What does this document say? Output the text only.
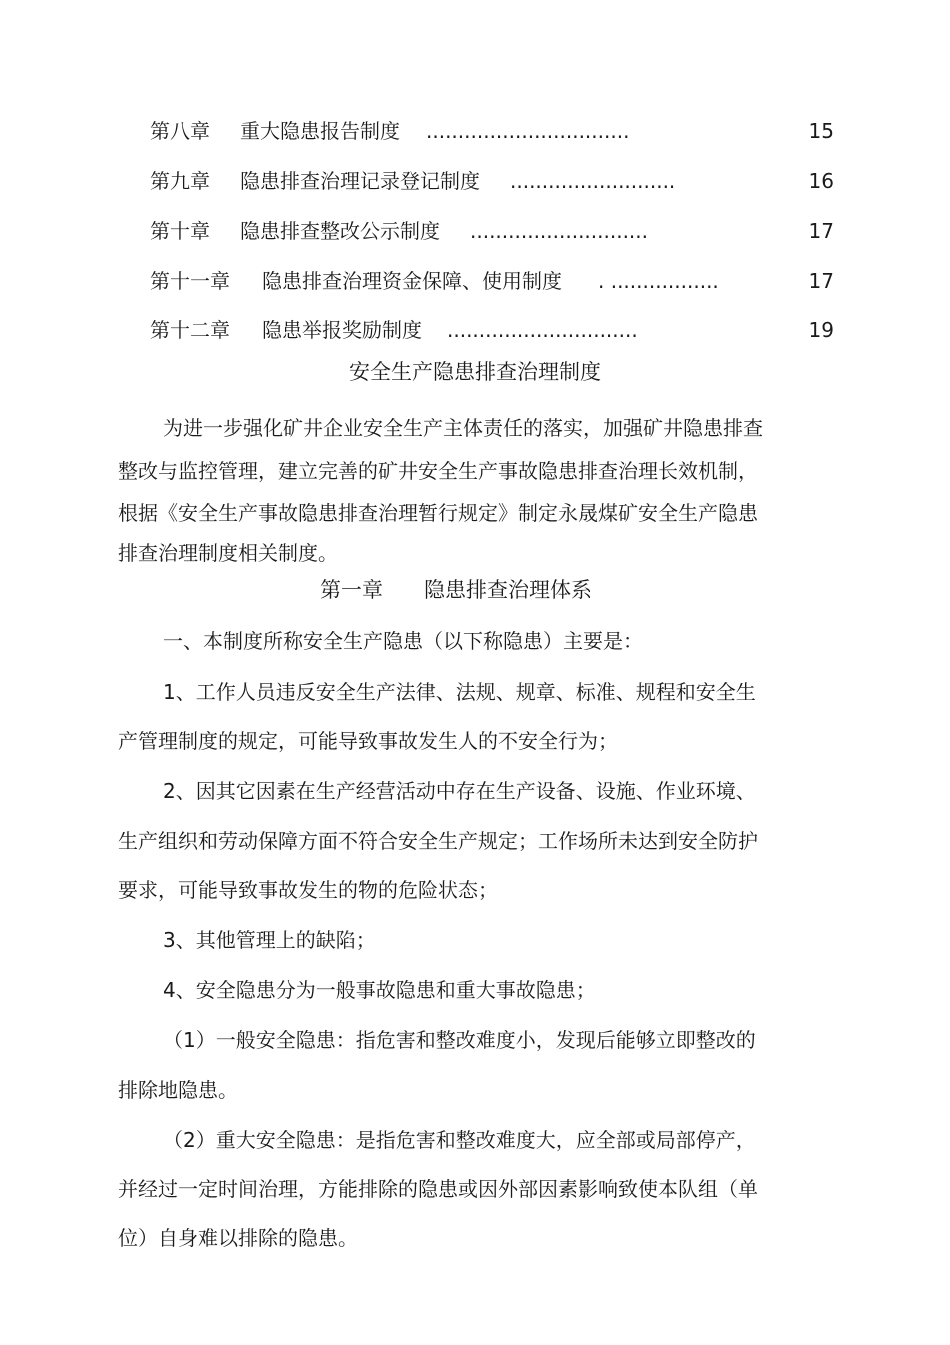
第八章 重大隐患报告制度 ................................	15
第九章 隐患排查治理记录登记制度 ..........................	16
第十章 隐患排查整改公示制度 ............................	17
第十一章 隐患排查治理资金保障、使用制度 . .................	17
第十二章 隐患举报奖励制度 ..............................	19
安全生产隐患排查治理制度
为进一步强化矿井企业安全生产主体责任的落实，加强矿井隐患排查
整改与监控管理，建立完善的矿井安全生产事故隐患排查治理长效机制，
根据《安全生产事故隐患排查治理暂行规定》制定永晟煤矿安全生产隐患
排查治理制度相关制度。
第一章 隐患排查治理体系
一、本制度所称安全生产隐患（以下称隐患）主要是：
1、工作人员违反安全生产法律、法规、规章、标准、规程和安全生
产管理制度的规定，可能导致事故发生人的不安全行为；
2、因其它因素在生产经营活动中存在生产设备、设施、作业环境、
生产组织和劳动保障方面不符合安全生产规定；工作场所未达到安全防护
要求，可能导致事故发生的物的危险状态；
3、其他管理上的缺陷；
4、安全隐患分为一般事故隐患和重大事故隐患；
（1）一般安全隐患：指危害和整改难度小，发现后能够立即整改的
排除地隐患。
（2）重大安全隐患：是指危害和整改难度大，应全部或局部停产，
并经过一定时间治理，方能排除的隐患或因外部因素影响致使本队组（单
位）自身难以排除的隐患。
